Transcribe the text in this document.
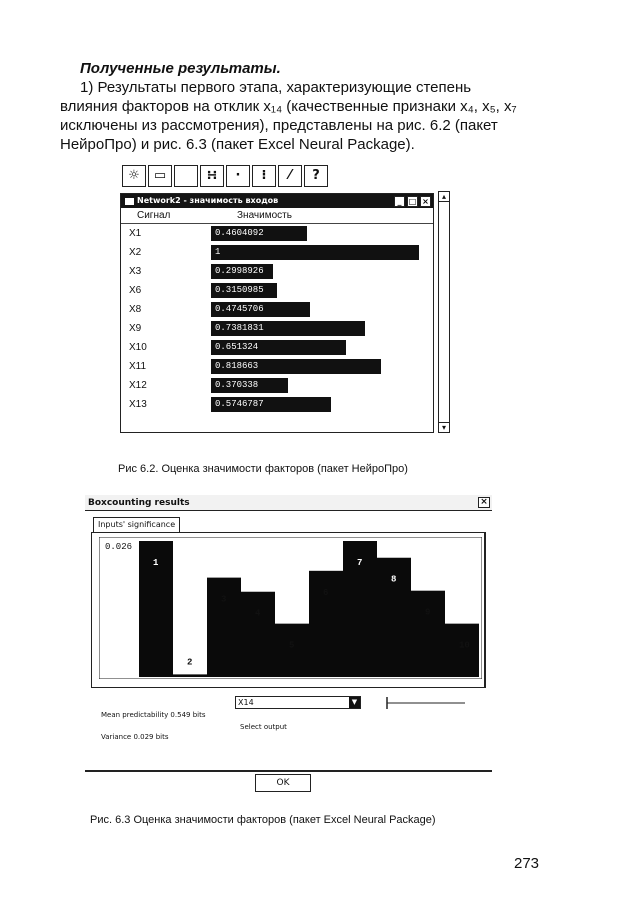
Полученные результаты.

1) Результаты первого этапа, характеризующие степень

влияния факторов на отклик x₁₄ (качественные признаки x₄, x₅, x₇

исключены из рассмотрения), представлены на рис. 6.2 (пакет

НейроПро) и рис. 6.3 (пакет Excel Neural Package).

☼	▭	∺	·	⁝	⁄	?
Network2 - значимость входов	_ □ ×
Сигнал	Значимость
X1	0.4604092
X2	1
X3	0.2998926
X6	0.3150985
X8	0.4745706
X9	0.7381831
X10	0.651324
X11	0.818663
X12	0.370338
X13	0.5746787
▴
▾
Рис 6.2. Оценка значимости факторов (пакет НейроПро)
Boxcounting results	×
Inputs' significance
0.026
1
2
3
4
5
6
7
8
9
10
Mean predictability 0.549 bits
Variance 0.029 bits
X14	▼
Select output
OK
Рис. 6.3 Оценка значимости факторов (пакет Excel Neural Package)
273
